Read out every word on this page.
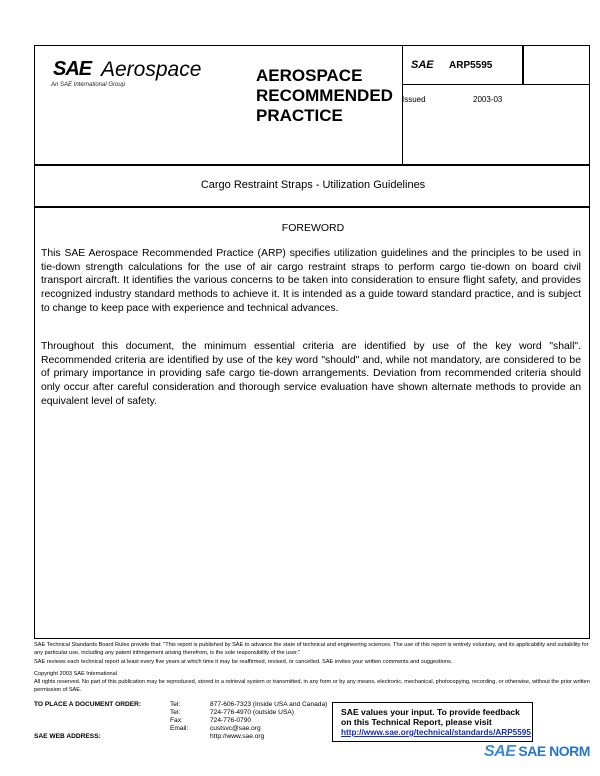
SAE Aerospace
An SAE International Group	AEROSPACE
RECOMMENDED
PRACTICE
SAE ARP5595
Issued	2003-03
Cargo Restraint Straps - Utilization Guidelines
FOREWORD
This SAE Aerospace Recommended Practice (ARP) specifies utilization guidelines and the principles to be used in tie-down strength calculations for the use of air cargo restraint straps to perform cargo tie-down on board civil transport aircraft. It identifies the various concerns to be taken into consideration to ensure flight safety, and provides recognized industry standard methods to achieve it. It is intended as a guide toward standard practice, and is subject to change to keep pace with experience and technical advances.
Throughout this document, the minimum essential criteria are identified by use of the key word "shall". Recommended criteria are identified by use of the key word "should" and, while not mandatory, are considered to be of primary importance in providing safe cargo tie-down arrangements. Deviation from recommended criteria should only occur after careful consideration and thorough service evaluation have shown alternate methods to provide an equivalent level of safety.
SAE Technical Standards Board Rules provide that: "This report is published by SAE to advance the state of technical and engineering sciences. The use of this report is entirely voluntary, and its applicability and suitability for any particular use, including any patent infringement arising therefrom, is the sole responsibility of the user."
SAE reviews each technical report at least every five years at which time it may be reaffirmed, revised, or cancelled. SAE invites your written comments and suggestions.
Copyright 2003 SAE International
All rights reserved. No part of this publication may be reproduced, stored in a retrieval system or transmitted, in any form or by any means, electronic, mechanical, photocopying, recording, or otherwise, without the prior written permission of SAE.
TO PLACE A DOCUMENT ORDER:	Tel:	877-606-7323 (inside USA and Canada)
Tel:	724-776-4970 (outside USA)
Fax:	724-776-0790
Email:	custsvc@sae.org
SAE WEB ADDRESS:	http://www.sae.org
SAE values your input. To provide feedback on this Technical Report, please visit
http://www.sae.org/technical/standards/ARP5595
SAE SAE NORM
